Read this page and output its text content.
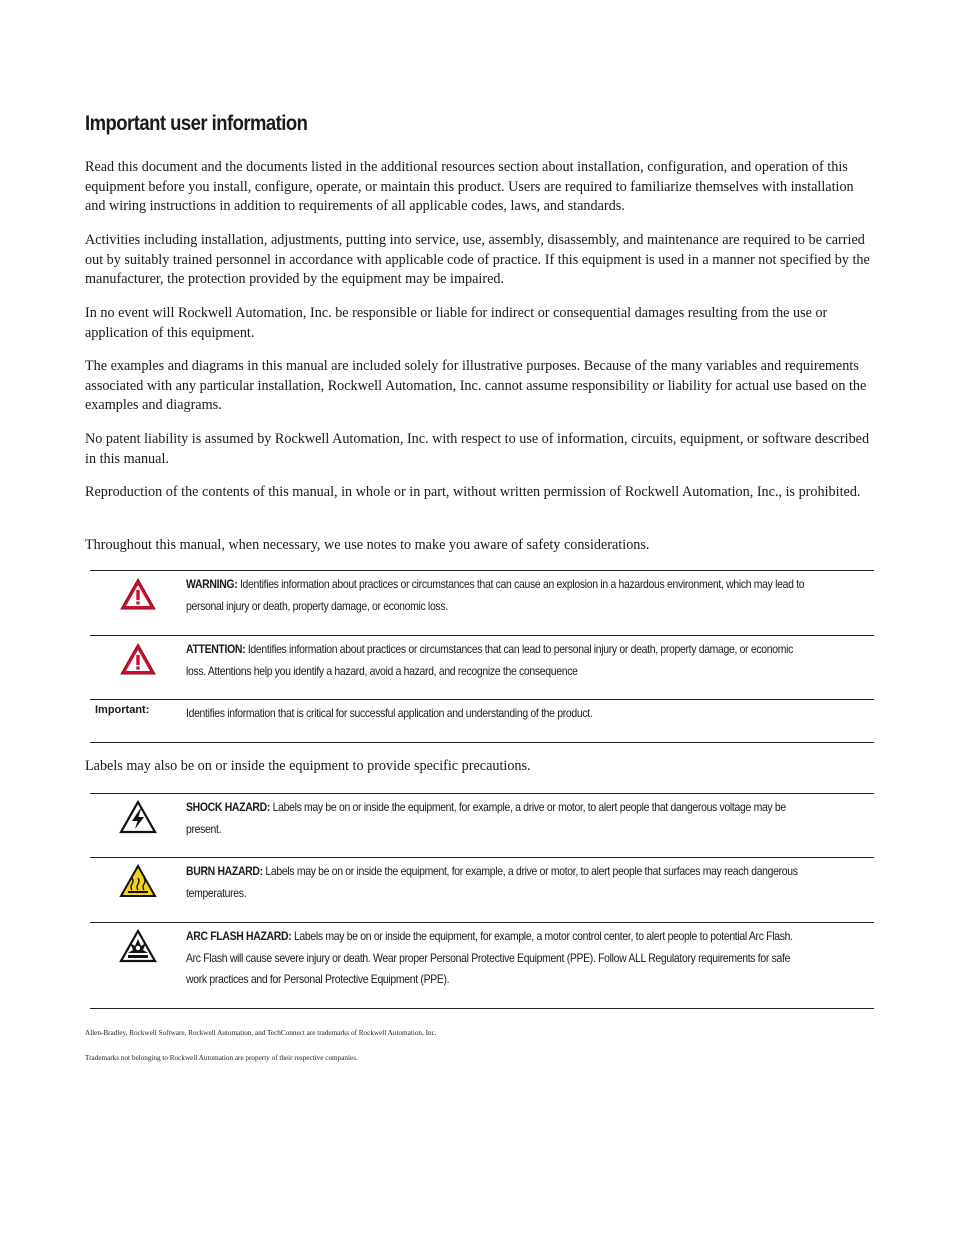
Important user information

Read this document and the documents listed in the additional resources section about installation, configuration, and operation of this equipment before you install, configure, operate, or maintain this product. Users are required to familiarize themselves with installation and wiring instructions in addition to requirements of all applicable codes, laws, and standards.

Activities including installation, adjustments, putting into service, use, assembly, disassembly, and maintenance are required to be carried out by suitably trained personnel in accordance with applicable code of practice. If this equipment is used in a manner not specified by the manufacturer, the protection provided by the equipment may be impaired.

In no event will Rockwell Automation, Inc. be responsible or liable for indirect or consequential damages resulting from the use or application of this equipment.

The examples and diagrams in this manual are included solely for illustrative purposes. Because of the many variables and requirements associated with any particular installation, Rockwell Automation, Inc. cannot assume responsibility or liability for actual use based on the examples and diagrams.

No patent liability is assumed by Rockwell Automation, Inc. with respect to use of information, circuits, equipment, or software described in this manual.

Reproduction of the contents of this manual, in whole or in part, without written permission of Rockwell Automation, Inc., is prohibited.

Throughout this manual, when necessary, we use notes to make you aware of safety considerations.

WARNING: Identifies information about practices or circumstances that can cause an explosion in a hazardous environment, which may lead to personal injury or death, property damage, or economic loss.
ATTENTION: Identifies information about practices or circumstances that can lead to personal injury or death, property damage, or economic loss. Attentions help you identify a hazard, avoid a hazard, and recognize the consequence
Important:	Identifies information that is critical for successful application and understanding of the product.

Labels may also be on or inside the equipment to provide specific precautions.

SHOCK HAZARD: Labels may be on or inside the equipment, for example, a drive or motor, to alert people that dangerous voltage may be present.
BURN HAZARD: Labels may be on or inside the equipment, for example, a drive or motor, to alert people that surfaces may reach dangerous temperatures.
ARC FLASH HAZARD: Labels may be on or inside the equipment, for example, a motor control center, to alert people to potential Arc Flash. Arc Flash will cause severe injury or death. Wear proper Personal Protective Equipment (PPE). Follow ALL Regulatory requirements for safe work practices and for Personal Protective Equipment (PPE).

Allen-Bradley, Rockwell Software, Rockwell Automation, and TechConnect are trademarks of Rockwell Automation, Inc.

Trademarks not belonging to Rockwell Automation are property of their respective companies.
